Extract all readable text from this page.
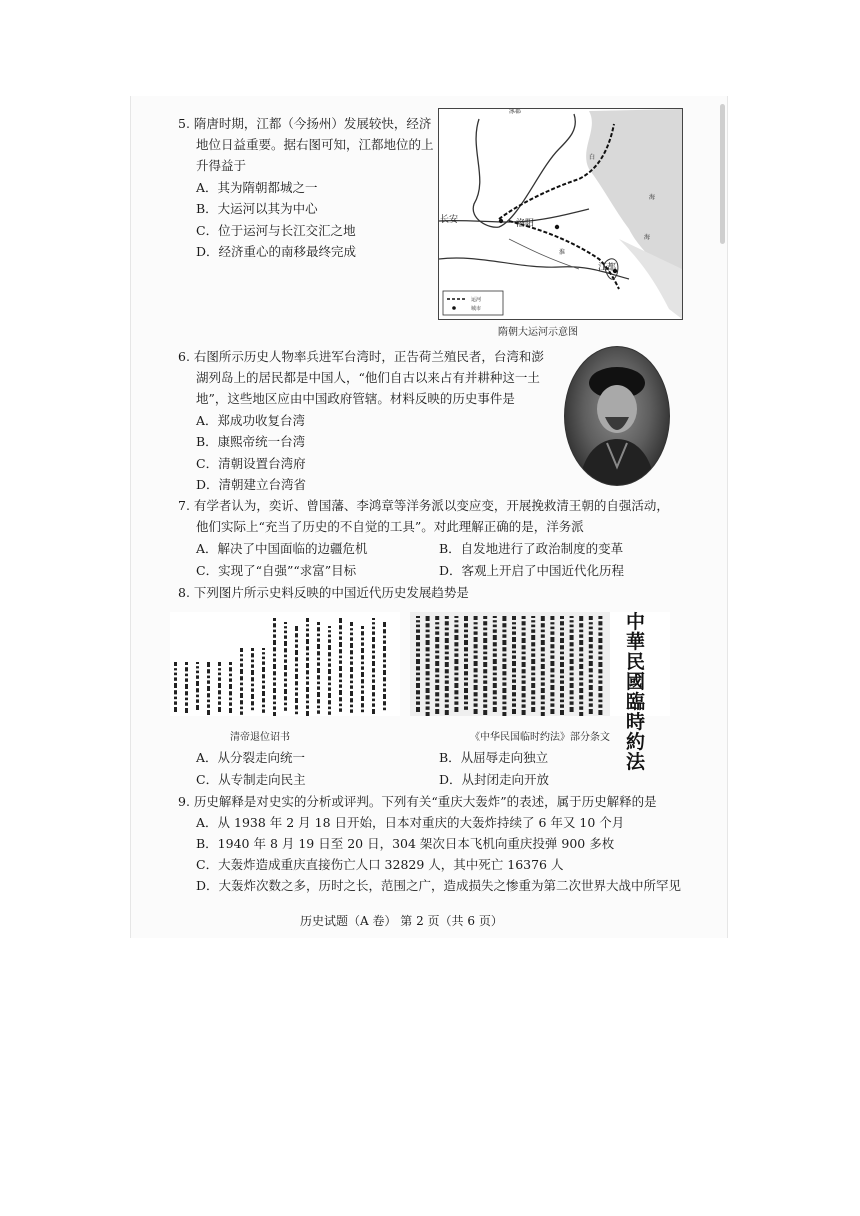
5. 隋唐时期，江都（今扬州）发展较快，经济
地位日益重要。据右图可知，江都地位的上
升得益于
A．其为隋朝都城之一
B．大运河以其为中心
C．位于运河与长江交汇之地
D．经济重心的南移最终完成
涿郡
白
海
淮
海
运河
城市
长安	洛阳
江都
隋朝大运河示意图
6. 右图所示历史人物率兵进军台湾时，正告荷兰殖民者，台湾和澎
湖列岛上的居民都是中国人，“他们自古以来占有并耕种这一土
地”，这些地区应由中国政府管辖。材料反映的历史事件是
A．郑成功收复台湾
B．康熙帝统一台湾
C．清朝设置台湾府
D．清朝建立台湾省
7. 有学者认为，奕䜣、曾国藩、李鸿章等洋务派以变应变，开展挽救清王朝的自强活动，
他们实际上“充当了历史的不自觉的工具”。对此理解正确的是，洋务派
A．解决了中国面临的边疆危机	B．自发地进行了政治制度的变革
C．实现了“自强”“求富”目标	D．客观上开启了中国近代化历程
8. 下列图片所示史料反映的中国近代历史发展趋势是
中華民國臨時約法
清帝退位诏书	《中华民国临时约法》部分条文
A．从分裂走向统一	B．从屈辱走向独立
C．从专制走向民主	D．从封闭走向开放
9. 历史解释是对史实的分析或评判。下列有关“重庆大轰炸”的表述，属于历史解释的是
A．从 1938 年 2 月 18 日开始，日本对重庆的大轰炸持续了 6 年又 10 个月
B．1940 年 8 月 19 日至 20 日，304 架次日本飞机向重庆投弹 900 多枚
C．大轰炸造成重庆直接伤亡人口 32829 人，其中死亡 16376 人
D．大轰炸次数之多，历时之长，范围之广，造成损失之惨重为第二次世界大战中所罕见
历史试题（A 卷） 第 2 页（共 6 页）
